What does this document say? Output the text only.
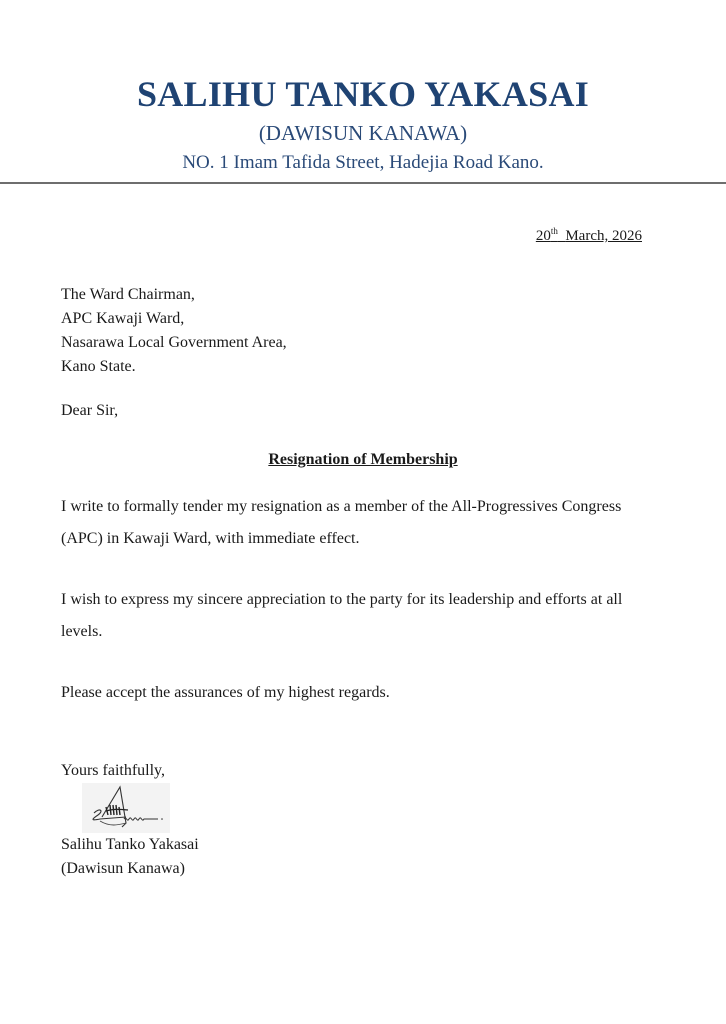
SALIHU TANKO YAKASAI
(DAWISUN KANAWA)
NO. 1 Imam Tafida Street, Hadejia Road Kano.
20th March, 2026
The Ward Chairman,
APC Kawaji Ward,
Nasarawa Local Government Area,
Kano State.
Dear Sir,
Resignation of Membership
I write to formally tender my resignation as a member of the All-Progressives Congress (APC) in Kawaji Ward, with immediate effect.
I wish to express my sincere appreciation to the party for its leadership and efforts at all levels.
Please accept the assurances of my highest regards.
Yours faithfully,
Salihu Tanko Yakasai
(Dawisun Kanawa)
